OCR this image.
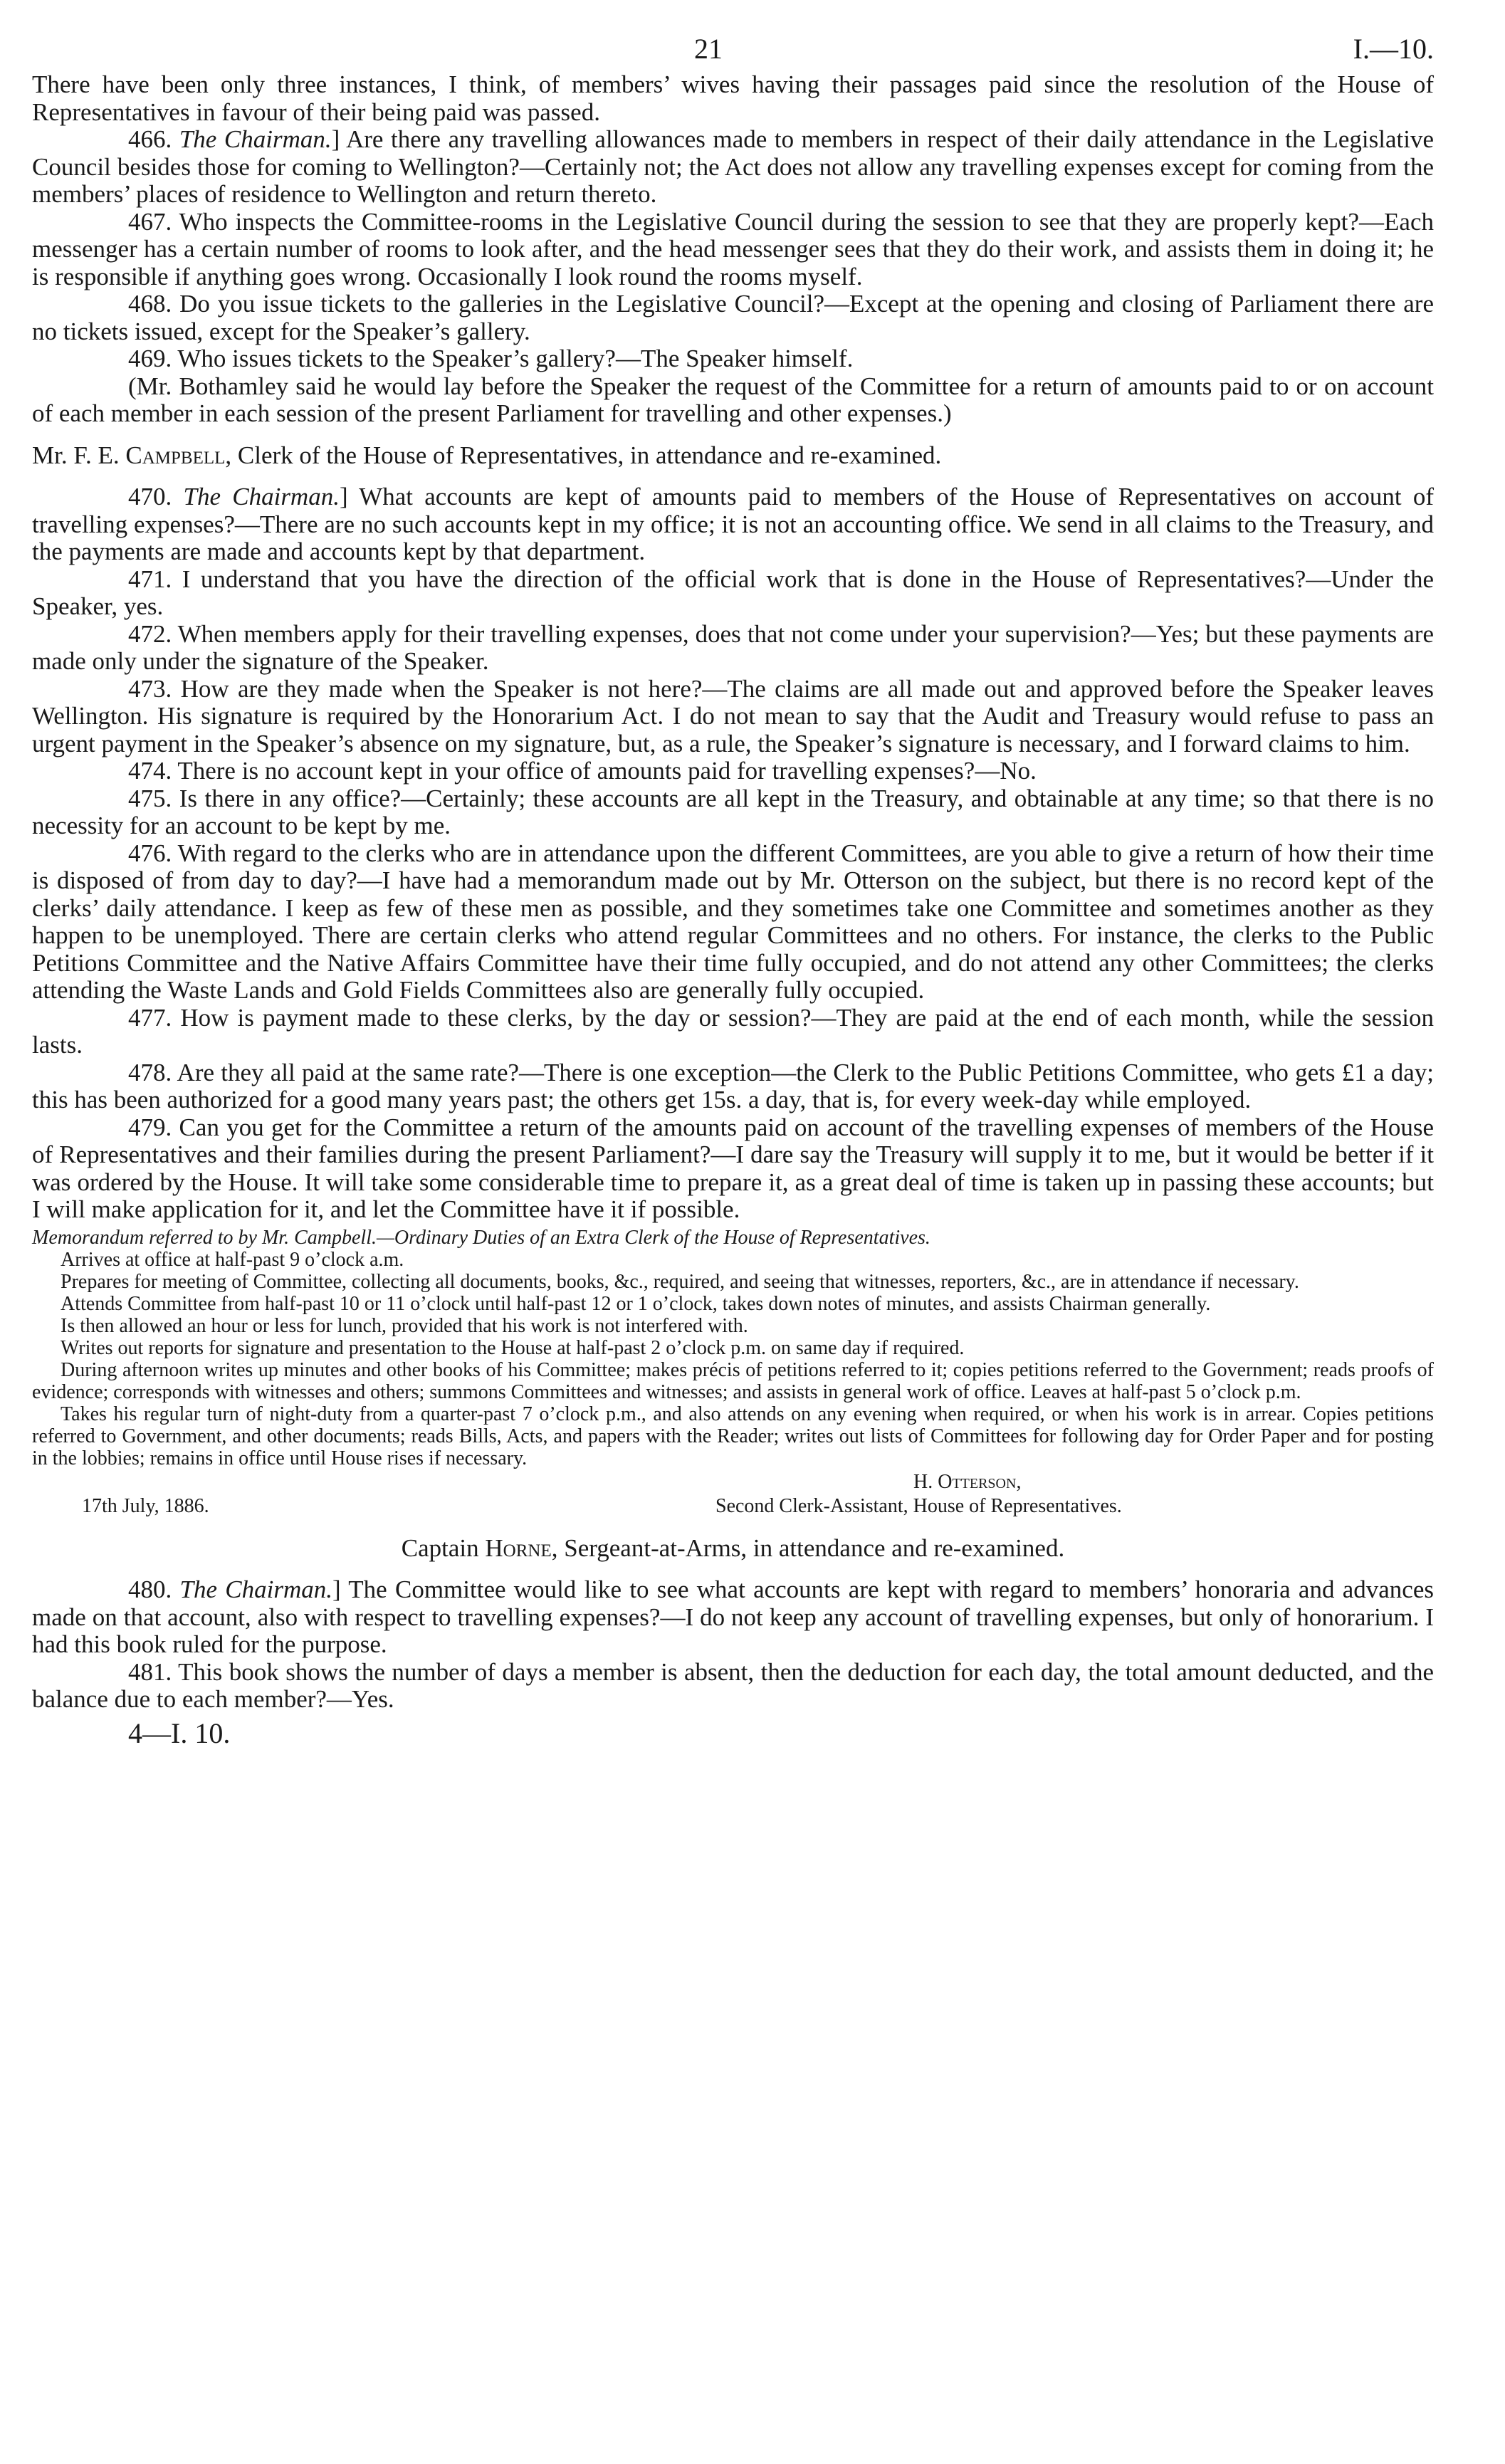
21	I.—10.

There have been only three instances, I think, of members’ wives having their passages paid since the resolution of the House of Representatives in favour of their being paid was passed.

466. The Chairman.] Are there any travelling allowances made to members in respect of their daily attendance in the Legislative Council besides those for coming to Wellington?—Certainly not; the Act does not allow any travelling expenses except for coming from the members’ places of residence to Wellington and return thereto.

467. Who inspects the Committee-rooms in the Legislative Council during the session to see that they are properly kept?—Each messenger has a certain number of rooms to look after, and the head messenger sees that they do their work, and assists them in doing it; he is responsible if anything goes wrong. Occasionally I look round the rooms myself.

468. Do you issue tickets to the galleries in the Legislative Council?—Except at the opening and closing of Parliament there are no tickets issued, except for the Speaker’s gallery.

469. Who issues tickets to the Speaker’s gallery?—The Speaker himself.

(Mr. Bothamley said he would lay before the Speaker the request of the Committee for a return of amounts paid to or on account of each member in each session of the present Parliament for travelling and other expenses.)

Mr. F. E. Campbell, Clerk of the House of Representatives, in attendance and re-examined.

470. The Chairman.] What accounts are kept of amounts paid to members of the House of Representatives on account of travelling expenses?—There are no such accounts kept in my office; it is not an accounting office. We send in all claims to the Treasury, and the payments are made and accounts kept by that department.

471. I understand that you have the direction of the official work that is done in the House of Representatives?—Under the Speaker, yes.

472. When members apply for their travelling expenses, does that not come under your supervision?—Yes; but these payments are made only under the signature of the Speaker.

473. How are they made when the Speaker is not here?—The claims are all made out and approved before the Speaker leaves Wellington. His signature is required by the Honorarium Act. I do not mean to say that the Audit and Treasury would refuse to pass an urgent payment in the Speaker’s absence on my signature, but, as a rule, the Speaker’s signature is necessary, and I forward claims to him.

474. There is no account kept in your office of amounts paid for travelling expenses?—No.

475. Is there in any office?—Certainly; these accounts are all kept in the Treasury, and obtainable at any time; so that there is no necessity for an account to be kept by me.

476. With regard to the clerks who are in attendance upon the different Committees, are you able to give a return of how their time is disposed of from day to day?—I have had a memorandum made out by Mr. Otterson on the subject, but there is no record kept of the clerks’ daily attendance. I keep as few of these men as possible, and they sometimes take one Committee and sometimes another as they happen to be unemployed. There are certain clerks who attend regular Committees and no others. For instance, the clerks to the Public Petitions Committee and the Native Affairs Committee have their time fully occupied, and do not attend any other Committees; the clerks attending the Waste Lands and Gold Fields Committees also are generally fully occupied.

477. How is payment made to these clerks, by the day or session?—They are paid at the end of each month, while the session lasts.

478. Are they all paid at the same rate?—There is one exception—the Clerk to the Public Petitions Committee, who gets £1 a day; this has been authorized for a good many years past; the others get 15s. a day, that is, for every week-day while employed.

479. Can you get for the Committee a return of the amounts paid on account of the travelling expenses of members of the House of Representatives and their families during the present Parliament?—I dare say the Treasury will supply it to me, but it would be better if it was ordered by the House. It will take some considerable time to prepare it, as a great deal of time is taken up in passing these accounts; but I will make application for it, and let the Committee have it if possible.

Memorandum referred to by Mr. Campbell.—Ordinary Duties of an Extra Clerk of the House of Representatives.

Arrives at office at half-past 9 o’clock a.m.

Prepares for meeting of Committee, collecting all documents, books, &c., required, and seeing that witnesses, reporters, &c., are in attendance if necessary.

Attends Committee from half-past 10 or 11 o’clock until half-past 12 or 1 o’clock, takes down notes of minutes, and assists Chairman generally.

Is then allowed an hour or less for lunch, provided that his work is not interfered with.

Writes out reports for signature and presentation to the House at half-past 2 o’clock p.m. on same day if required.

During afternoon writes up minutes and other books of his Committee; makes précis of petitions referred to it; copies petitions referred to the Government; reads proofs of evidence; corresponds with witnesses and others; summons Committees and witnesses; and assists in general work of office. Leaves at half-past 5 o’clock p.m.

Takes his regular turn of night-duty from a quarter-past 7 o’clock p.m., and also attends on any evening when required, or when his work is in arrear. Copies petitions referred to Government, and other documents; reads Bills, Acts, and papers with the Reader; writes out lists of Committees for following day for Order Paper and for posting in the lobbies; remains in office until House rises if necessary.

H. Otterson,
17th July, 1886.	Second Clerk-Assistant, House of Representatives.

Captain Horne, Sergeant-at-Arms, in attendance and re-examined.

480. The Chairman.] The Committee would like to see what accounts are kept with regard to members’ honoraria and advances made on that account, also with respect to travelling expenses?—I do not keep any account of travelling expenses, but only of honorarium. I had this book ruled for the purpose.

481. This book shows the number of days a member is absent, then the deduction for each day, the total amount deducted, and the balance due to each member?—Yes.

4—I. 10.
